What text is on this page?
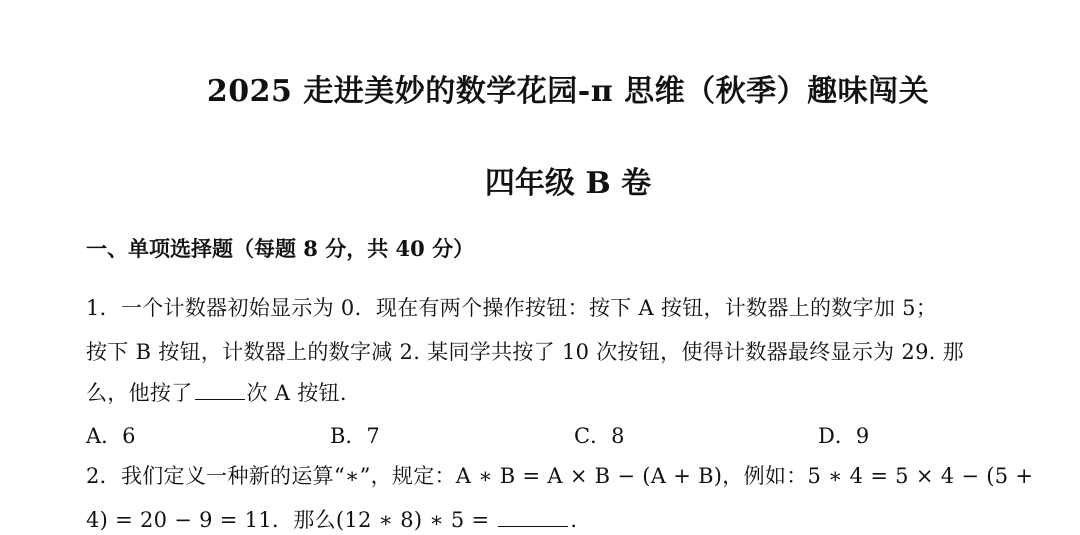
2025 走进美妙的数学花园-π 思维（秋季）趣味闯关
四年级 B 卷
一、单项选择题（每题 8 分，共 40 分）
1．一个计数器初始显示为 0．现在有两个操作按钮：按下 A 按钮，计数器上的数字加 5；
按下 B 按钮，计数器上的数字减 2. 某同学共按了 10 次按钮，使得计数器最终显示为 29. 那
么，他按了	次 A 按钮.
A．6	B．7	C．8	D．9
2．我们定义一种新的运算“∗”，规定：A ∗ B = A × B − (A + B)，例如：5 ∗ 4 = 5 × 4 − (5 +
4) = 20 − 9 = 11．那么(12 ∗ 8) ∗ 5 =	.
